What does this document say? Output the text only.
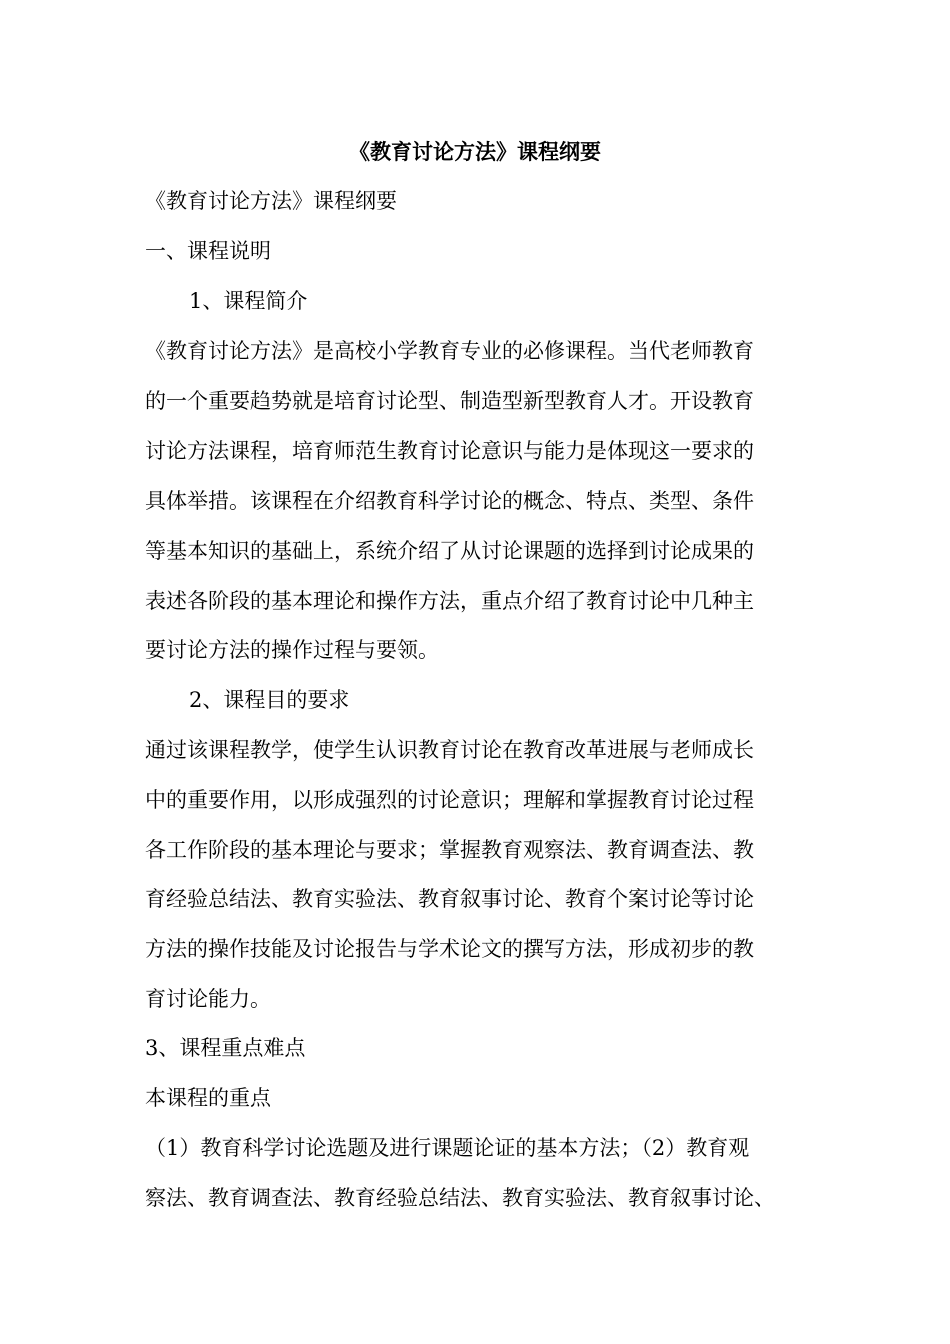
《教育讨论方法》课程纲要
《教育讨论方法》课程纲要
一、课程说明
1、课程简介
《教育讨论方法》是高校小学教育专业的必修课程。当代老师教育
的一个重要趋势就是培育讨论型、制造型新型教育人才。开设教育
讨论方法课程，培育师范生教育讨论意识与能力是体现这一要求的
具体举措。该课程在介绍教育科学讨论的概念、特点、类型、条件
等基本知识的基础上，系统介绍了从讨论课题的选择到讨论成果的
表述各阶段的基本理论和操作方法，重点介绍了教育讨论中几种主
要讨论方法的操作过程与要领。
2、课程目的要求
通过该课程教学，使学生认识教育讨论在教育改革进展与老师成长
中的重要作用，以形成强烈的讨论意识；理解和掌握教育讨论过程
各工作阶段的基本理论与要求；掌握教育观察法、教育调查法、教
育经验总结法、教育实验法、教育叙事讨论、教育个案讨论等讨论
方法的操作技能及讨论报告与学术论文的撰写方法，形成初步的教
育讨论能力。
3、课程重点难点
本课程的重点
（1）教育科学讨论选题及进行课题论证的基本方法；（2）教育观
察法、教育调查法、教育经验总结法、教育实验法、教育叙事讨论、
